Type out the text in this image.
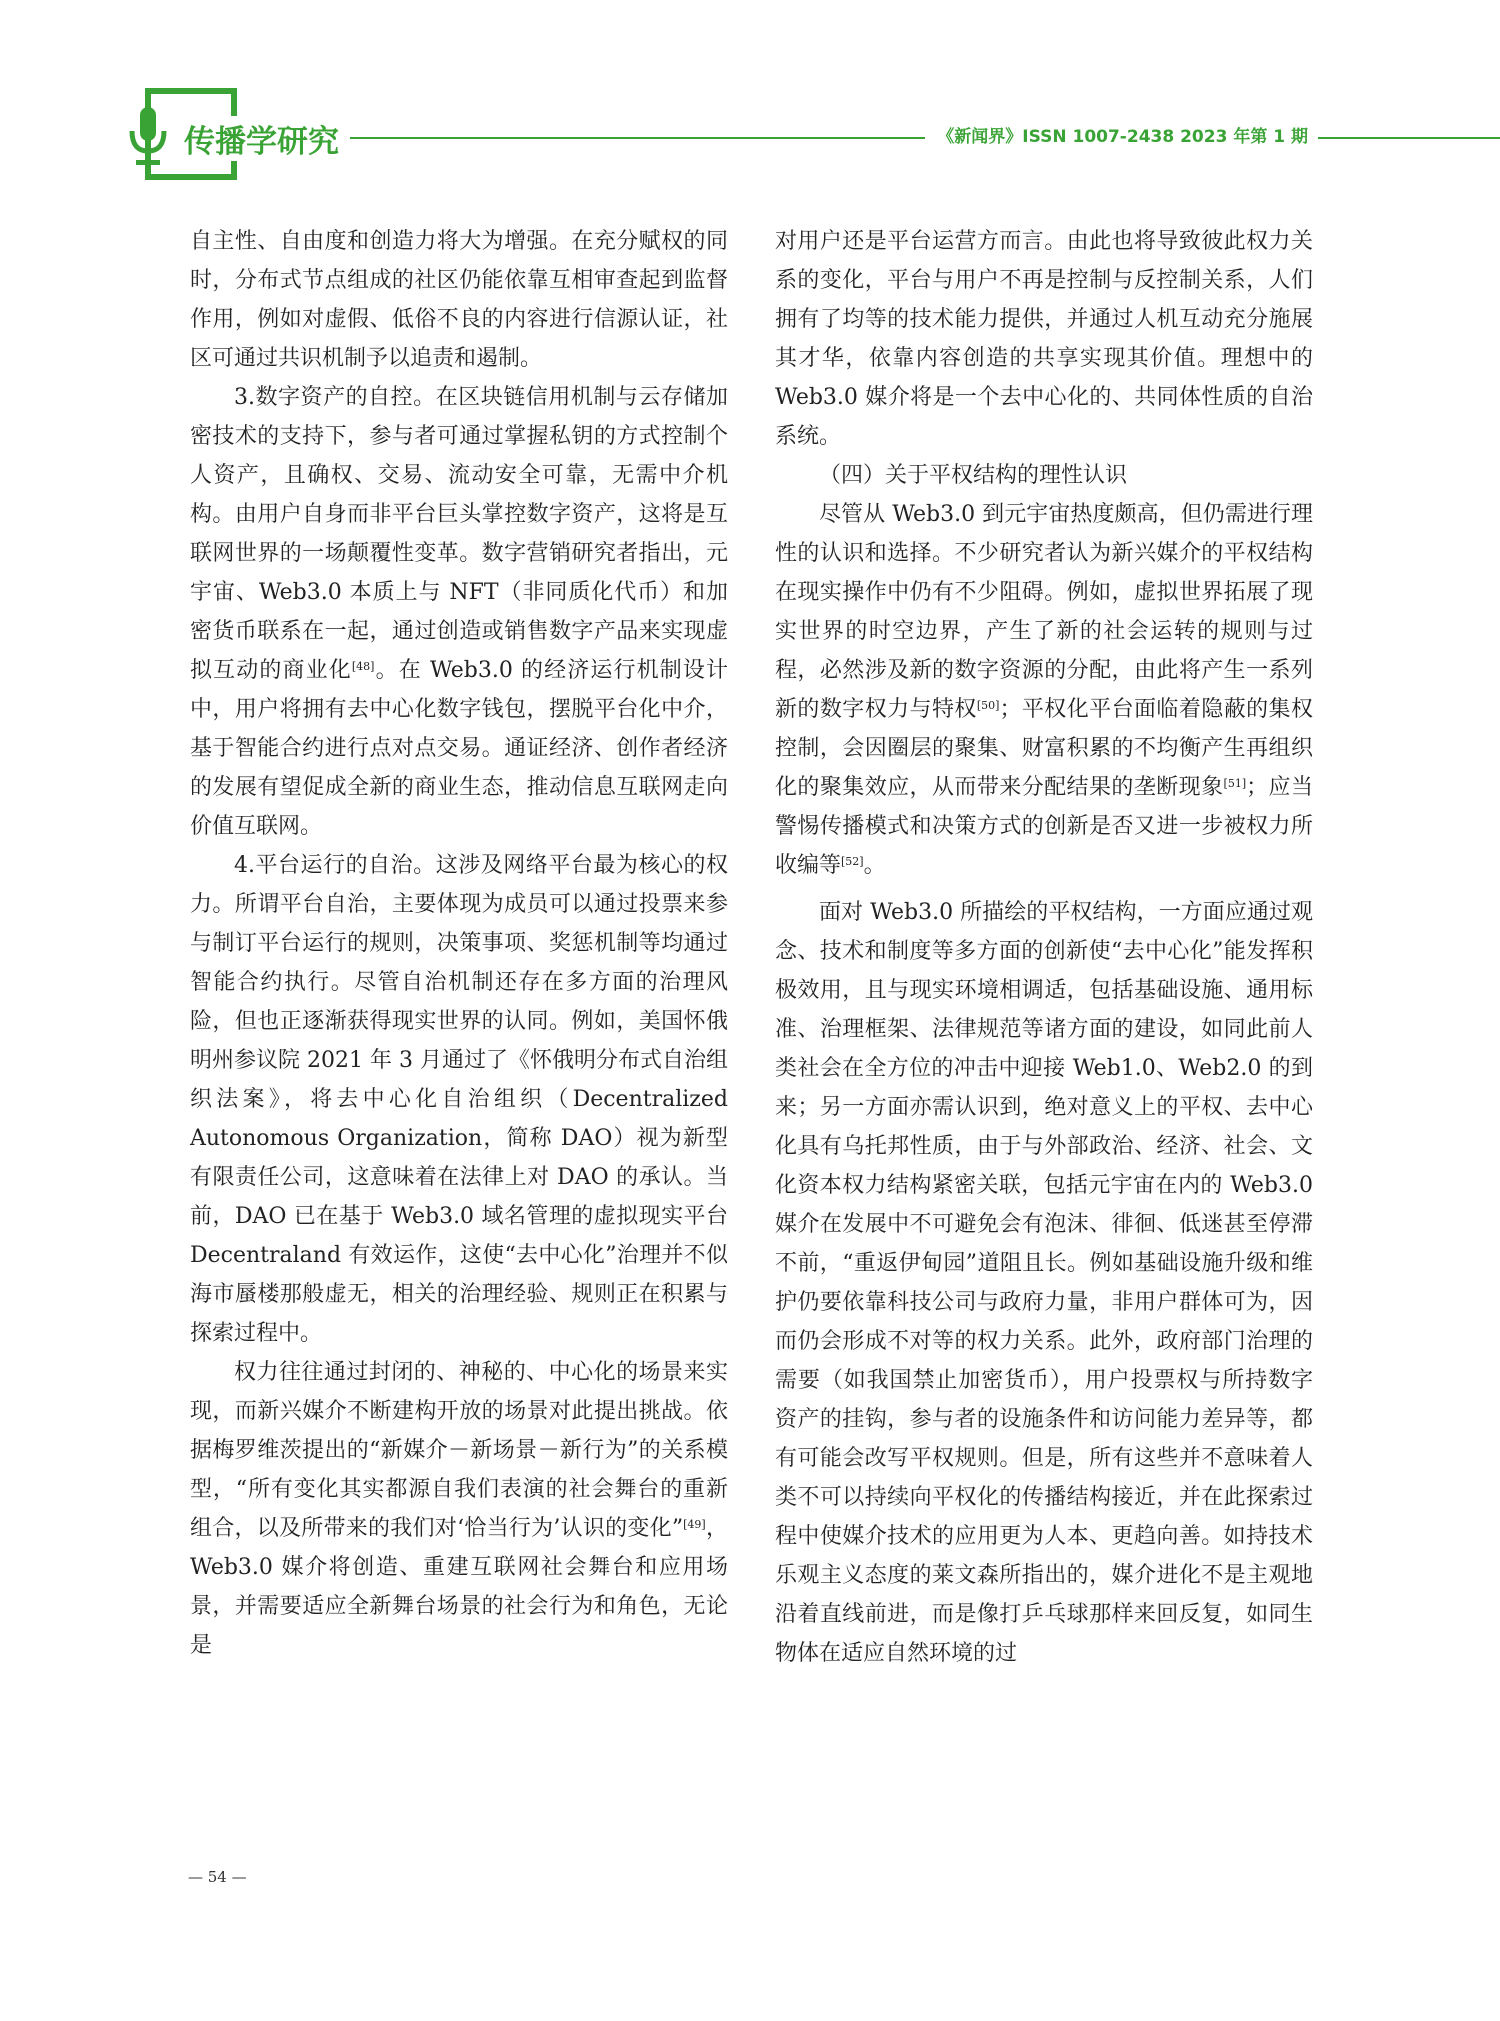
传播学研究	《新闻界》ISSN 1007-2438 2023 年第 1 期

自主性、自由度和创造力将大为增强。在充分赋权的同时，分布式节点组成的社区仍能依靠互相审查起到监督作用，例如对虚假、低俗不良的内容进行信源认证，社区可通过共识机制予以追责和遏制。

3.数字资产的自控。在区块链信用机制与云存储加密技术的支持下，参与者可通过掌握私钥的方式控制个人资产，且确权、交易、流动安全可靠，无需中介机构。由用户自身而非平台巨头掌控数字资产，这将是互联网世界的一场颠覆性变革。数字营销研究者指出，元宇宙、Web3.0 本质上与 NFT（非同质化代币）和加密货币联系在一起，通过创造或销售数字产品来实现虚拟互动的商业化[48]。在 Web3.0 的经济运行机制设计中，用户将拥有去中心化数字钱包，摆脱平台化中介，基于智能合约进行点对点交易。通证经济、创作者经济的发展有望促成全新的商业生态，推动信息互联网走向价值互联网。

4.平台运行的自治。这涉及网络平台最为核心的权力。所谓平台自治，主要体现为成员可以通过投票来参与制订平台运行的规则，决策事项、奖惩机制等均通过智能合约执行。尽管自治机制还存在多方面的治理风险，但也正逐渐获得现实世界的认同。例如，美国怀俄明州参议院 2021 年 3 月通过了《怀俄明分布式自治组织法案》，将去中心化自治组织（Decentralized Autonomous Organization，简称 DAO）视为新型有限责任公司，这意味着在法律上对 DAO 的承认。当前，DAO 已在基于 Web3.0 域名管理的虚拟现实平台 Decentraland 有效运作，这使“去中心化”治理并不似海市蜃楼那般虚无，相关的治理经验、规则正在积累与探索过程中。

权力往往通过封闭的、神秘的、中心化的场景来实现，而新兴媒介不断建构开放的场景对此提出挑战。依据梅罗维茨提出的“新媒介－新场景－新行为”的关系模型，“所有变化其实都源自我们表演的社会舞台的重新组合，以及所带来的我们对‘恰当行为’认识的变化”[49]，Web3.0 媒介将创造、重建互联网社会舞台和应用场景，并需要适应全新舞台场景的社会行为和角色，无论是

对用户还是平台运营方而言。由此也将导致彼此权力关系的变化，平台与用户不再是控制与反控制关系，人们拥有了均等的技术能力提供，并通过人机互动充分施展其才华，依靠内容创造的共享实现其价值。理想中的 Web3.0 媒介将是一个去中心化的、共同体性质的自治系统。

（四）关于平权结构的理性认识

尽管从 Web3.0 到元宇宙热度颇高，但仍需进行理性的认识和选择。不少研究者认为新兴媒介的平权结构在现实操作中仍有不少阻碍。例如，虚拟世界拓展了现实世界的时空边界，产生了新的社会运转的规则与过程，必然涉及新的数字资源的分配，由此将产生一系列新的数字权力与特权[50]；平权化平台面临着隐蔽的集权控制，会因圈层的聚集、财富积累的不均衡产生再组织化的聚集效应，从而带来分配结果的垄断现象[51]；应当警惕传播模式和决策方式的创新是否又进一步被权力所收编等[52]。

面对 Web3.0 所描绘的平权结构，一方面应通过观念、技术和制度等多方面的创新使“去中心化”能发挥积极效用，且与现实环境相调适，包括基础设施、通用标准、治理框架、法律规范等诸方面的建设，如同此前人类社会在全方位的冲击中迎接 Web1.0、Web2.0 的到来；另一方面亦需认识到，绝对意义上的平权、去中心化具有乌托邦性质，由于与外部政治、经济、社会、文化资本权力结构紧密关联，包括元宇宙在内的 Web3.0 媒介在发展中不可避免会有泡沫、徘徊、低迷甚至停滞不前，“重返伊甸园”道阻且长。例如基础设施升级和维护仍要依靠科技公司与政府力量，非用户群体可为，因而仍会形成不对等的权力关系。此外，政府部门治理的需要（如我国禁止加密货币），用户投票权与所持数字资产的挂钩，参与者的设施条件和访问能力差异等，都有可能会改写平权规则。但是，所有这些并不意味着人类不可以持续向平权化的传播结构接近，并在此探索过程中使媒介技术的应用更为人本、更趋向善。如持技术乐观主义态度的莱文森所指出的，媒介进化不是主观地沿着直线前进，而是像打乒乓球那样来回反复，如同生物体在适应自然环境的过

— 54 —
